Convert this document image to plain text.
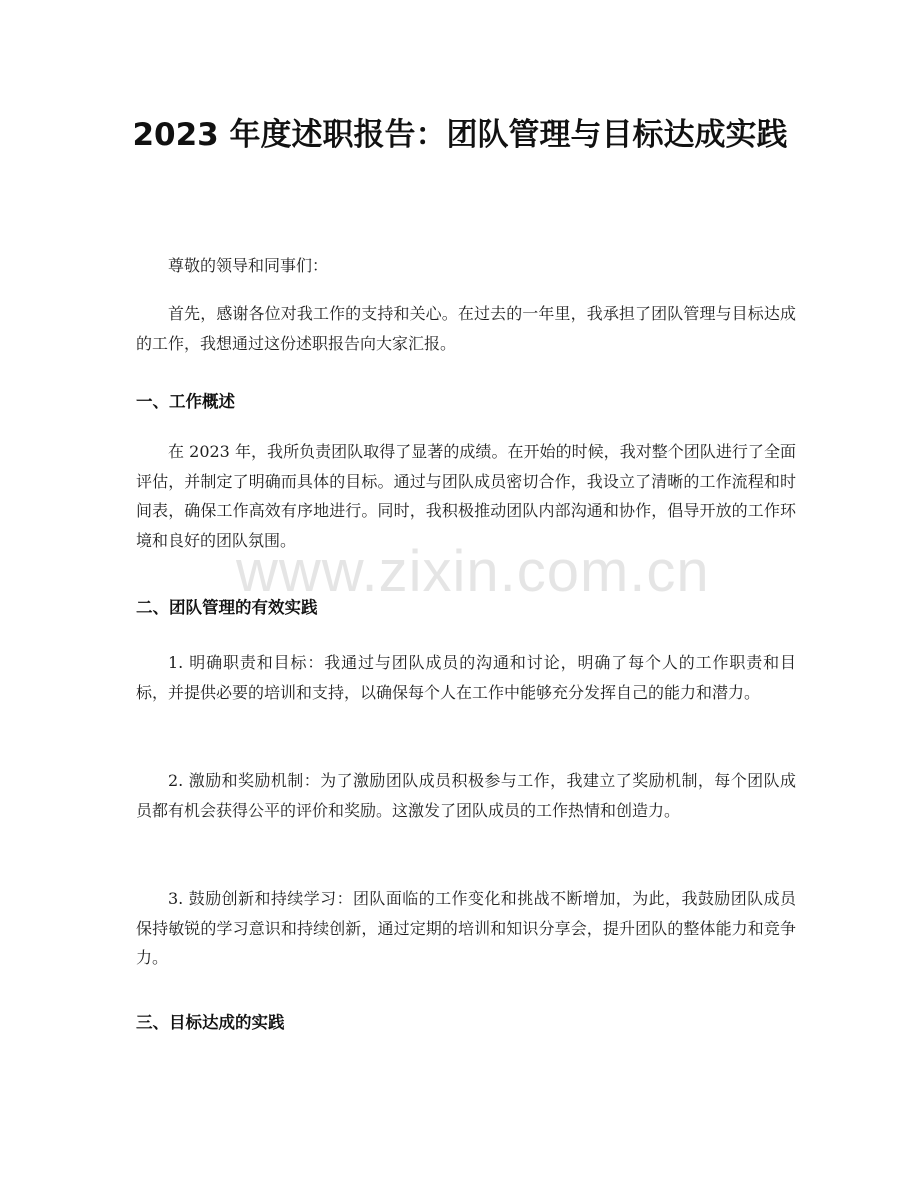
2023 年度述职报告：团队管理与目标达成实践

尊敬的领导和同事们：

首先，感谢各位对我工作的支持和关心。在过去的一年里，我承担了团队管理与目标达成的工作，我想通过这份述职报告向大家汇报。

一、工作概述

在 2023 年，我所负责团队取得了显著的成绩。在开始的时候，我对整个团队进行了全面评估，并制定了明确而具体的目标。通过与团队成员密切合作，我设立了清晰的工作流程和时间表，确保工作高效有序地进行。同时，我积极推动团队内部沟通和协作，倡导开放的工作环境和良好的团队氛围。

二、团队管理的有效实践

1. 明确职责和目标：我通过与团队成员的沟通和讨论，明确了每个人的工作职责和目标，并提供必要的培训和支持，以确保每个人在工作中能够充分发挥自己的能力和潜力。

2. 激励和奖励机制：为了激励团队成员积极参与工作，我建立了奖励机制，每个团队成员都有机会获得公平的评价和奖励。这激发了团队成员的工作热情和创造力。

3. 鼓励创新和持续学习：团队面临的工作变化和挑战不断增加，为此，我鼓励团队成员保持敏锐的学习意识和持续创新，通过定期的培训和知识分享会，提升团队的整体能力和竞争力。

三、目标达成的实践
www.zixin.com.cn
